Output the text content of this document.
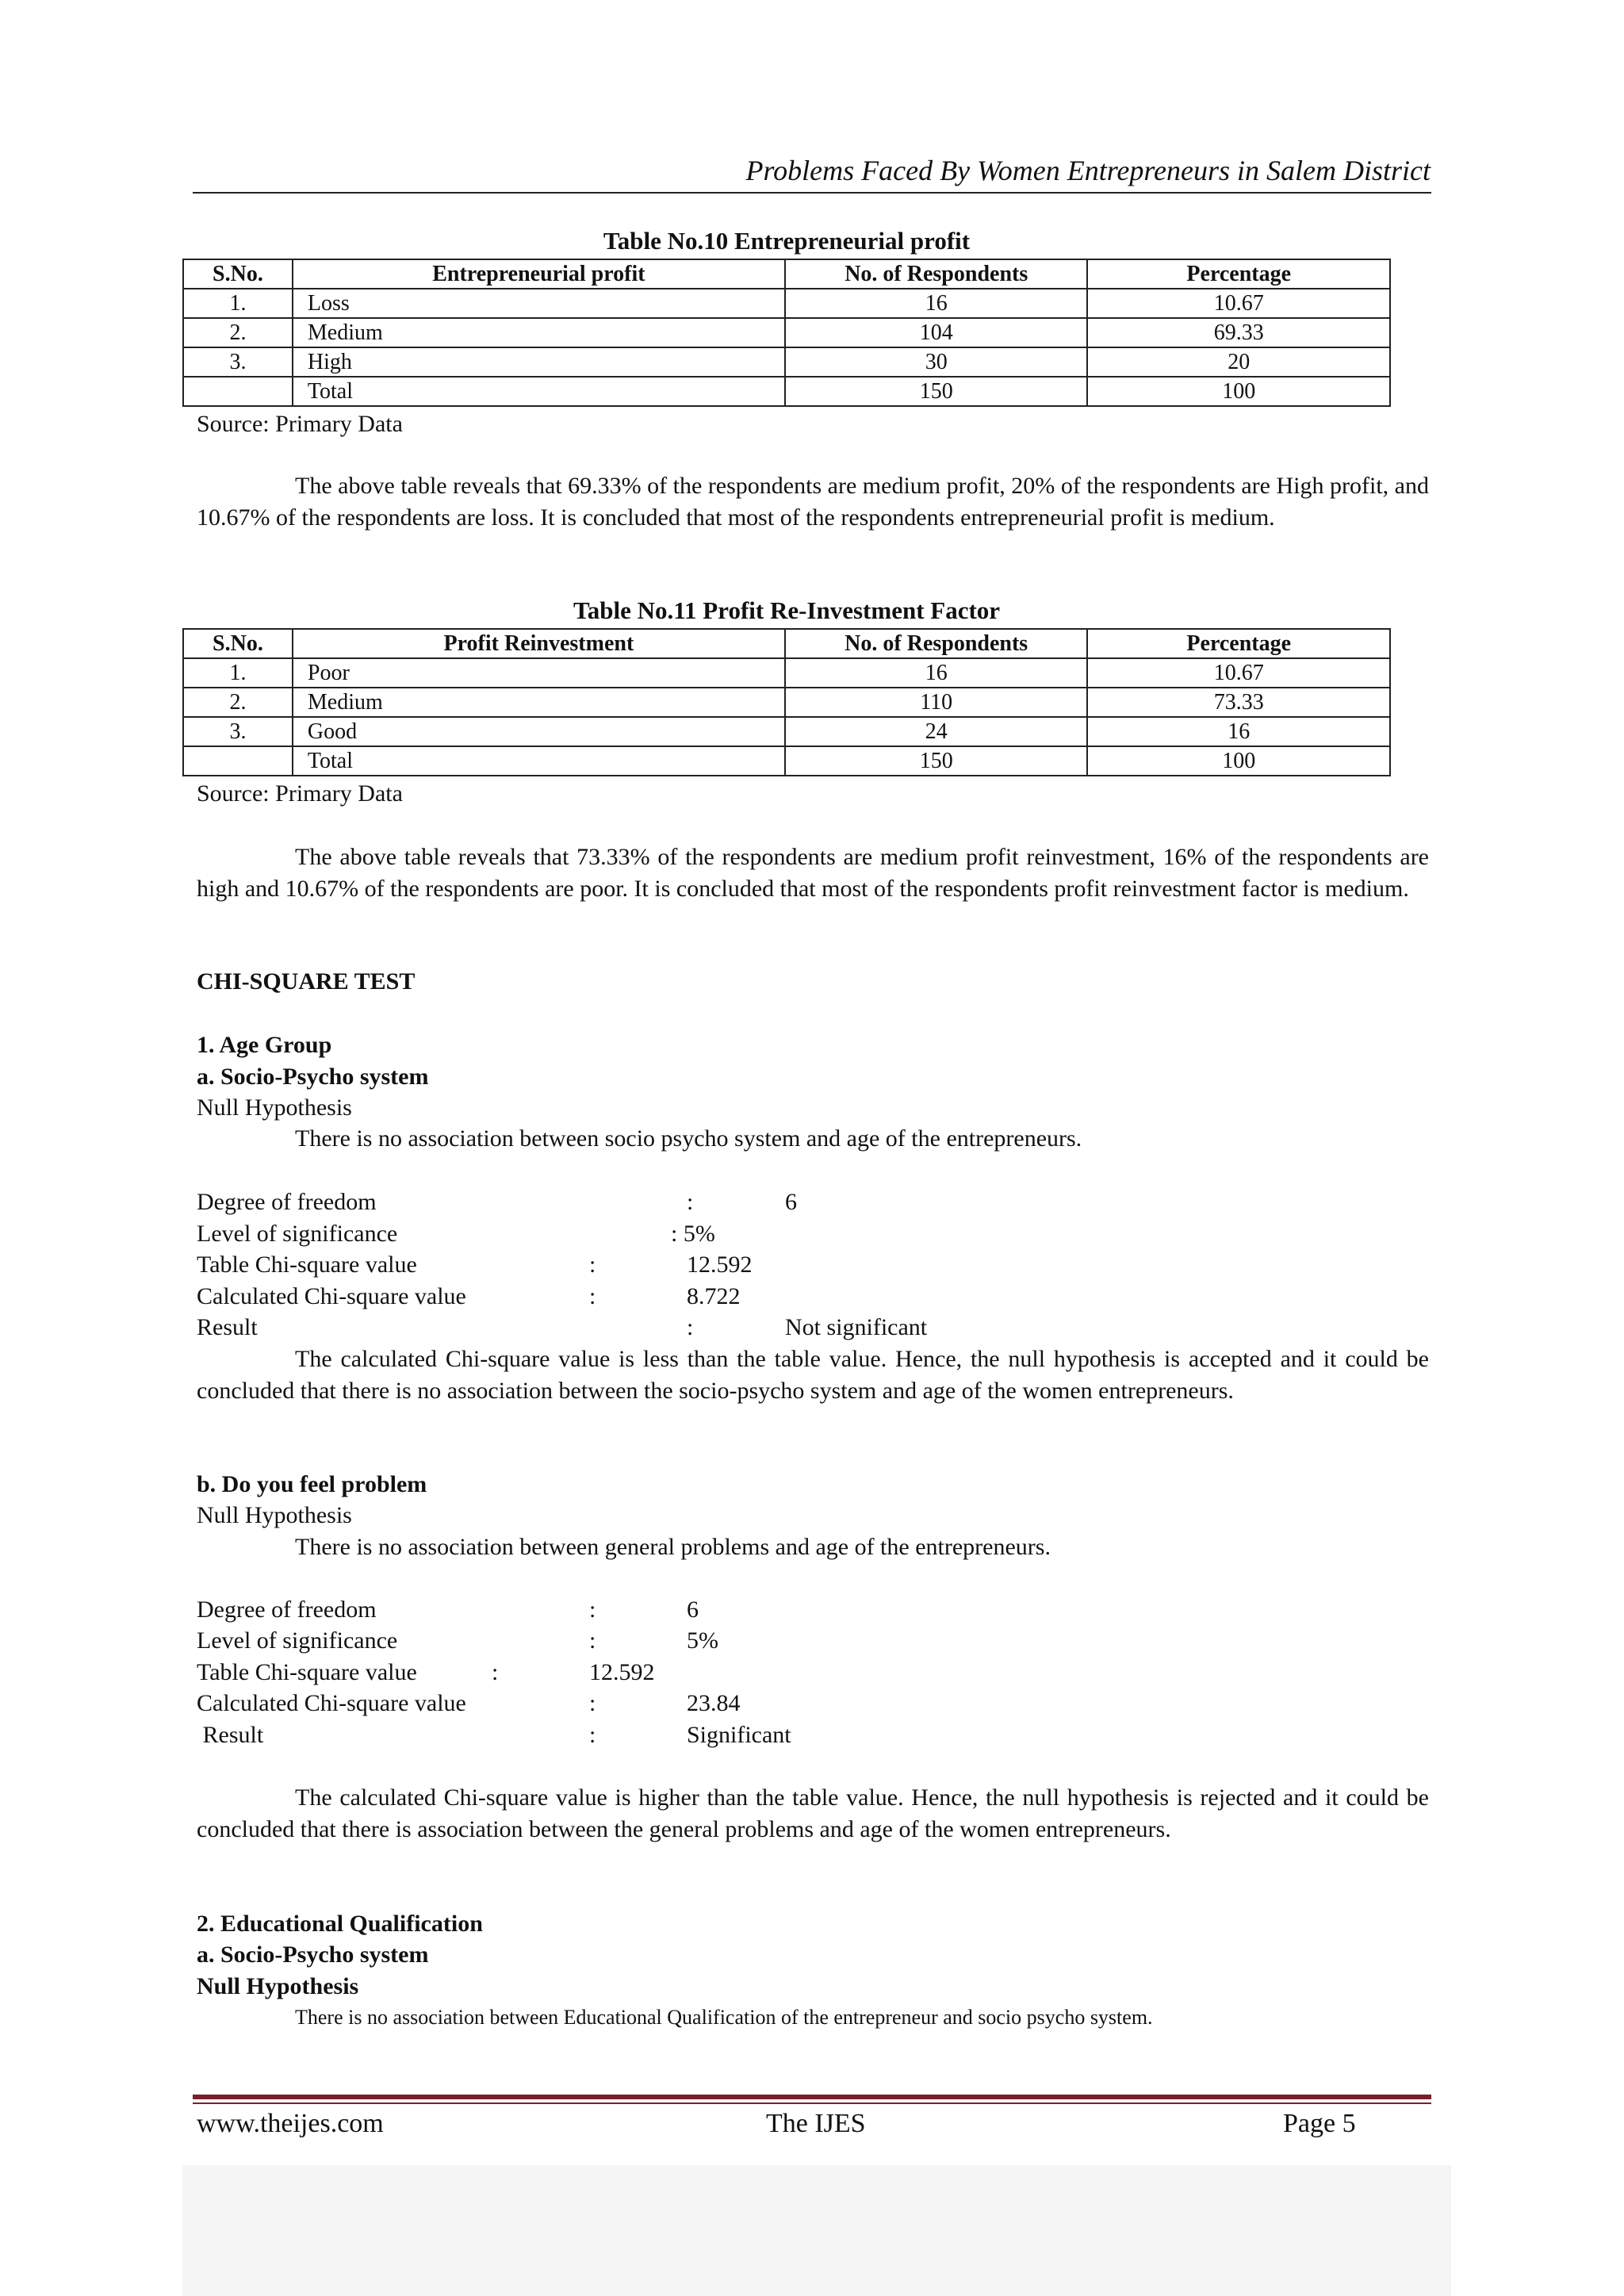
Problems Faced By Women Entrepreneurs in Salem District
Table No.10 Entrepreneurial profit
S.No.	Entrepreneurial profit	No. of Respondents	Percentage
1.	Loss	16	10.67
2.	Medium	104	69.33
3.	High	30	20
	Total	150	100
Source: Primary Data
The above table reveals that 69.33% of the respondents are medium profit, 20% of the respondents are High profit, and 10.67% of the respondents are loss. It is concluded that most of the respondents entrepreneurial profit is medium.
Table No.11 Profit Re-Investment Factor
S.No.	Profit Reinvestment	No. of Respondents	Percentage
1.	Poor	16	10.67
2.	Medium	110	73.33
3.	Good	24	16
	Total	150	100
Source: Primary Data
The above table reveals that 73.33% of the respondents are medium profit reinvestment, 16% of the respondents are high and 10.67% of the respondents are poor. It is concluded that most of the respondents profit reinvestment factor is medium.
CHI-SQUARE TEST
1. Age Group
a. Socio-Psycho system
Null Hypothesis
There is no association between socio psycho system and age of the entrepreneurs.
Degree of freedom	:	6
Level of significance	: 5%
Table Chi-square value	:	12.592
Calculated Chi-square value	:	8.722
Result	:	Not significant
The calculated Chi-square value is less than the table value. Hence, the null hypothesis is accepted and it could be concluded that there is no association between the socio-psycho system and age of the women entrepreneurs.
b. Do you feel problem
Null Hypothesis
There is no association between general problems and age of the entrepreneurs.
Degree of freedom	:	6
Level of significance	:	5%
Table Chi-square value	:	12.592
Calculated Chi-square value	:	23.84
Result	:	Significant
The calculated Chi-square value is higher than the table value. Hence, the null hypothesis is rejected and it could be concluded that there is association between the general problems and age of the women entrepreneurs.
2. Educational Qualification
a. Socio-Psycho system
Null Hypothesis
There is no association between Educational Qualification of the entrepreneur and socio psycho system.
www.theijes.com	The IJES	Page 5
